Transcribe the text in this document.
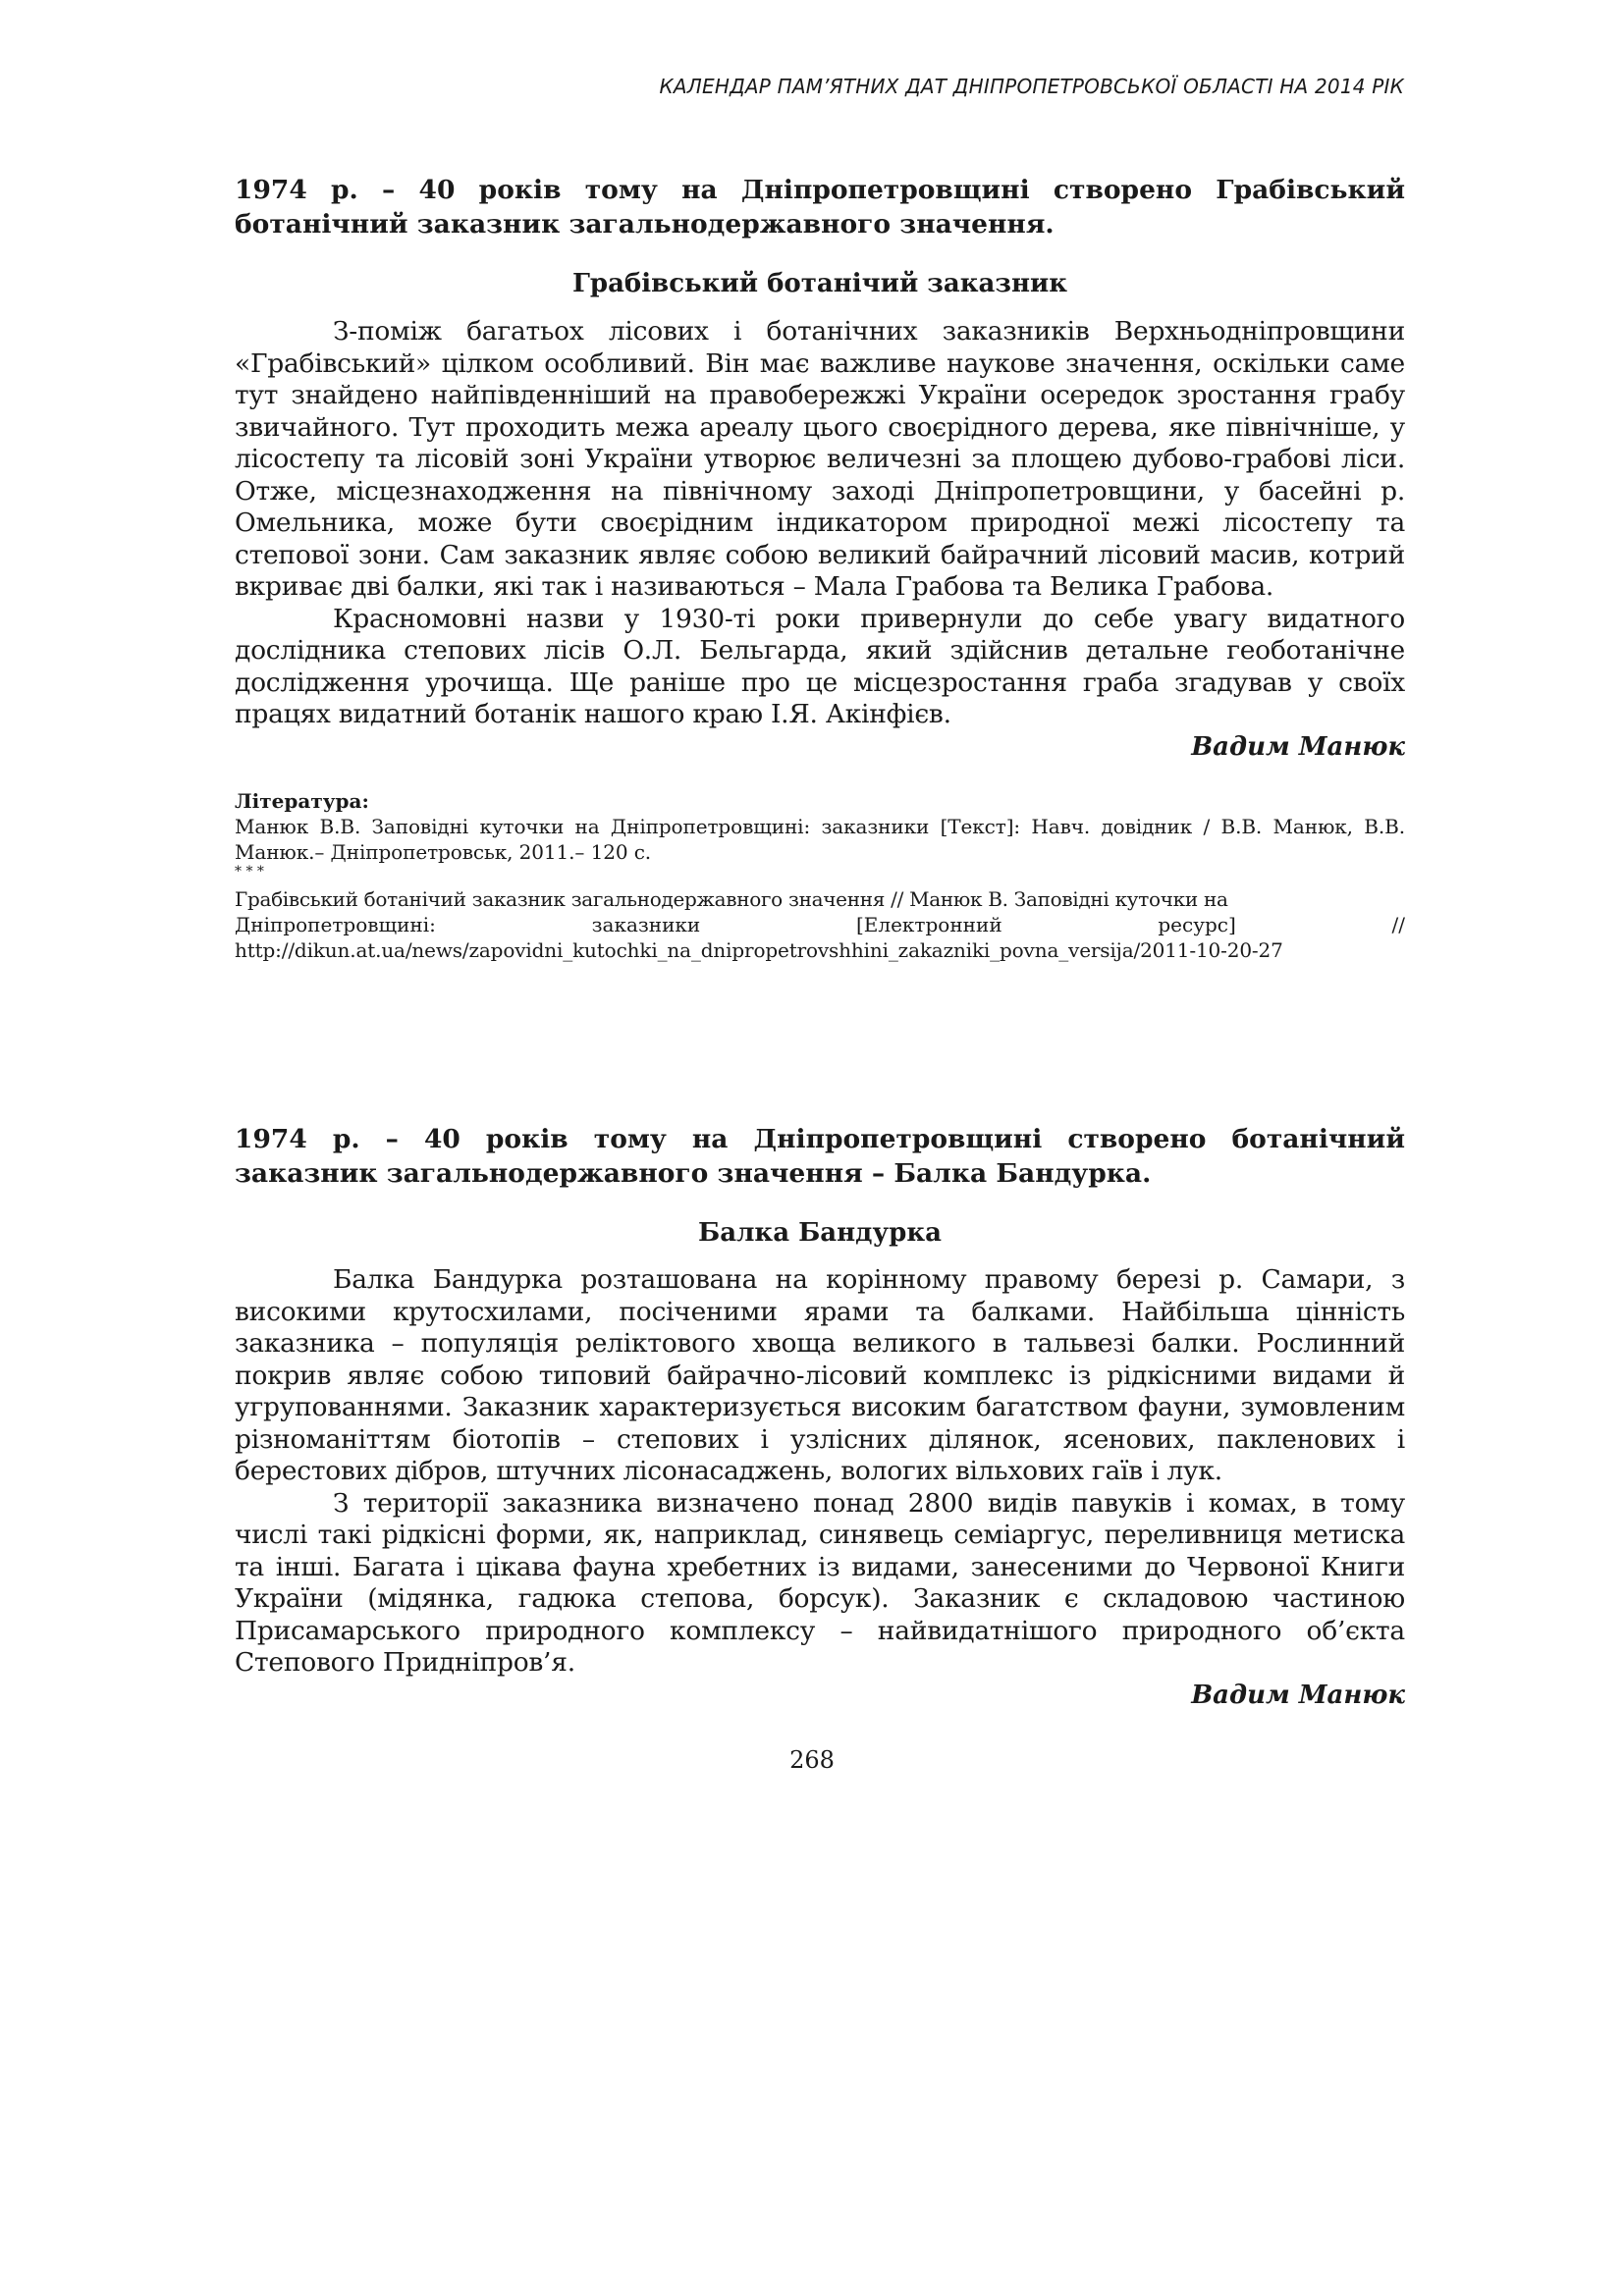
КАЛЕНДАР ПАМ’ЯТНИХ ДАТ ДНІПРОПЕТРОВСЬКОЇ ОБЛАСТІ НА 2014 РІК

1974 р. – 40 років тому на Дніпропетровщині створено Грабівський ботанічний заказник загальнодержавного значення.

Грабівський ботанічий заказник

З-поміж багатьох лісових і ботанічних заказників Верхньодніпровщини «Грабівський» цілком особливий. Він має важливе наукове значення, оскільки саме тут знайдено найпівденніший на правобережжі України осередок зростання грабу звичайного. Тут проходить межа ареалу цього своєрідного дерева, яке північніше, у лісостепу та лісовій зоні України утворює величезні за площею дубово-грабові ліси. Отже, місцезнаходження на північному заході Дніпропетровщини, у басейні р. Омельника, може бути своєрідним індикатором природної межі лісостепу та степової зони. Сам заказник являє собою великий байрачний лісовий масив, котрий вкриває дві балки, які так і називаються – Мала Грабова та Велика Грабова.

Красномовні назви у 1930-ті роки привернули до себе увагу видатного дослідника степових лісів О.Л. Бельгарда, який здійснив детальне геоботанічне дослідження урочища. Ще раніше про це місцезростання граба згадував у своїх працях видатний ботанік нашого краю І.Я. Акінфієв.

Вадим Манюк

Література:

Манюк В.В. Заповідні куточки на Дніпропетровщині: заказники [Текст]: Навч. довідник / В.В. Манюк, В.В. Манюк.– Дніпропетровськ, 2011.– 120 с.

* * *

Грабівський ботанічий заказник загальнодержавного значення // Манюк В. Заповідні куточки на

Дніпропетровщині:	заказники	[Електронний	ресурс]	//

http://dikun.at.ua/news/zapovidni_kutochki_na_dnipropetrovshhini_zakazniki_povna_versija/2011-10-20-27

1974 р. – 40 років тому на Дніпропетровщині створено ботанічний заказник загальнодержавного значення – Балка Бандурка.

Балка Бандурка

Балка Бандурка розташована на корінному правому березі р. Самари, з високими крутосхилами, посіченими ярами та балками. Найбільша цінність заказника – популяція реліктового хвоща великого в тальвезі балки. Рослинний покрив являє собою типовий байрачно-лісовий комплекс із рідкісними видами й угрупованнями. Заказник характеризується високим багатством фауни, зумовленим різноманіттям біотопів – степових і узлісних ділянок, ясенових, пакленових і берестових дібров, штучних лісонасаджень, вологих вільхових гаїв і лук.

З території заказника визначено понад 2800 видів павуків і комах, в тому числі такі рідкісні форми, як, наприклад, синявець семіаргус, переливниця метиска та інші. Багата і цікава фауна хребетних із видами, занесеними до Червоної Книги України (мідянка, гадюка степова, борсук). Заказник є складовою частиною Присамарського природного комплексу – найвидатнішого природного об’єкта Степового Придніпров’я.

Вадим Манюк

268
